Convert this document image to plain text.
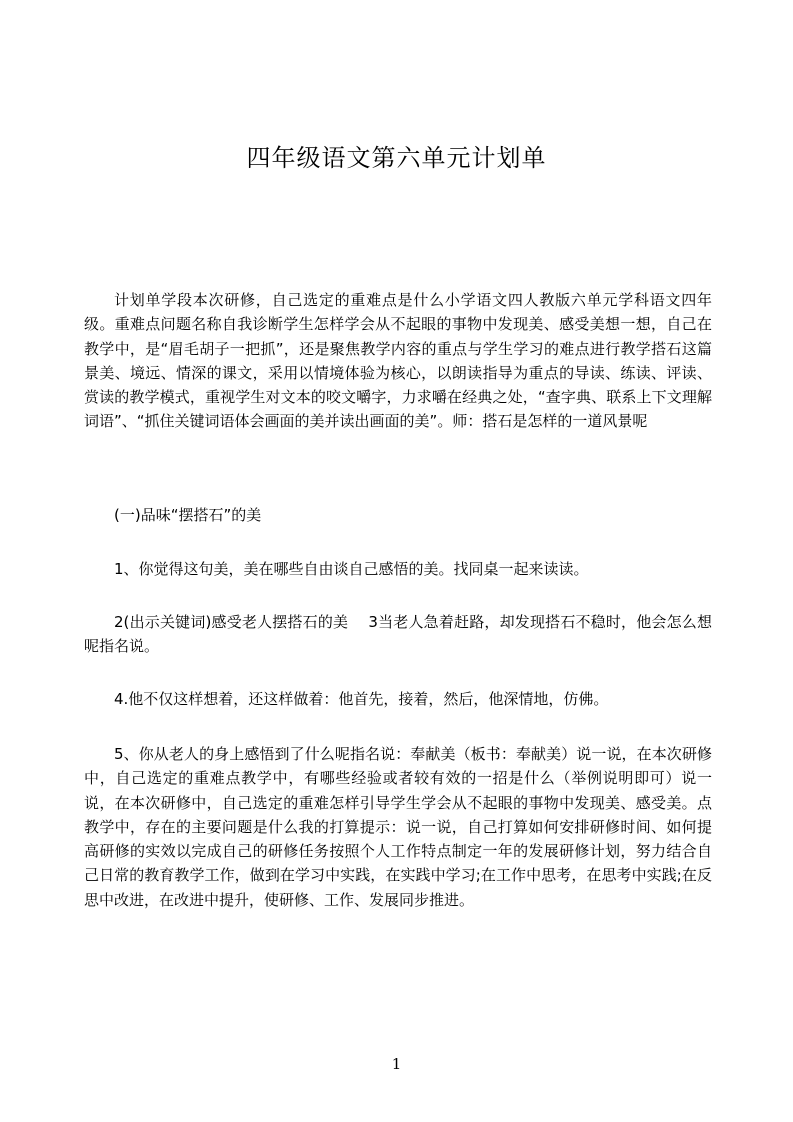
四年级语文第六单元计划单

计划单学段本次研修，自己选定的重难点是什么小学语文四人教版六单元学科语文四年级。重难点问题名称自我诊断学生怎样学会从不起眼的事物中发现美、感受美想一想，自己在教学中，是“眉毛胡子一把抓”，还是聚焦教学内容的重点与学生学习的难点进行教学搭石这篇景美、境远、情深的课文，采用以情境体验为核心，以朗读指导为重点的导读、练读、评读、赏读的教学模式，重视学生对文本的咬文嚼字，力求嚼在经典之处，“查字典、联系上下文理解词语”、“抓住关键词语体会画面的美并读出画面的美”。师：搭石是怎样的一道风景呢

(一)品味“摆搭石”的美

1、你觉得这句美，美在哪些自由谈自己感悟的美。找同桌一起来读读。

2(出示关键词)感受老人摆搭石的美　 3当老人急着赶路，却发现搭石不稳时，他会怎么想呢指名说。

4.他不仅这样想着，还这样做着：他首先，接着，然后，他深情地，仿佛。

5、你从老人的身上感悟到了什么呢指名说：奉献美（板书：奉献美）说一说，在本次研修中，自己选定的重难点教学中，有哪些经验或者较有效的一招是什么（举例说明即可）说一说，在本次研修中，自己选定的重难怎样引导学生学会从不起眼的事物中发现美、感受美。点教学中，存在的主要问题是什么我的打算提示：说一说，自己打算如何安排研修时间、如何提高研修的实效以完成自己的研修任务按照个人工作特点制定一年的发展研修计划，努力结合自己日常的教育教学工作，做到在学习中实践，在实践中学习;在工作中思考，在思考中实践;在反思中改进，在改进中提升，使研修、工作、发展同步推进。

1
